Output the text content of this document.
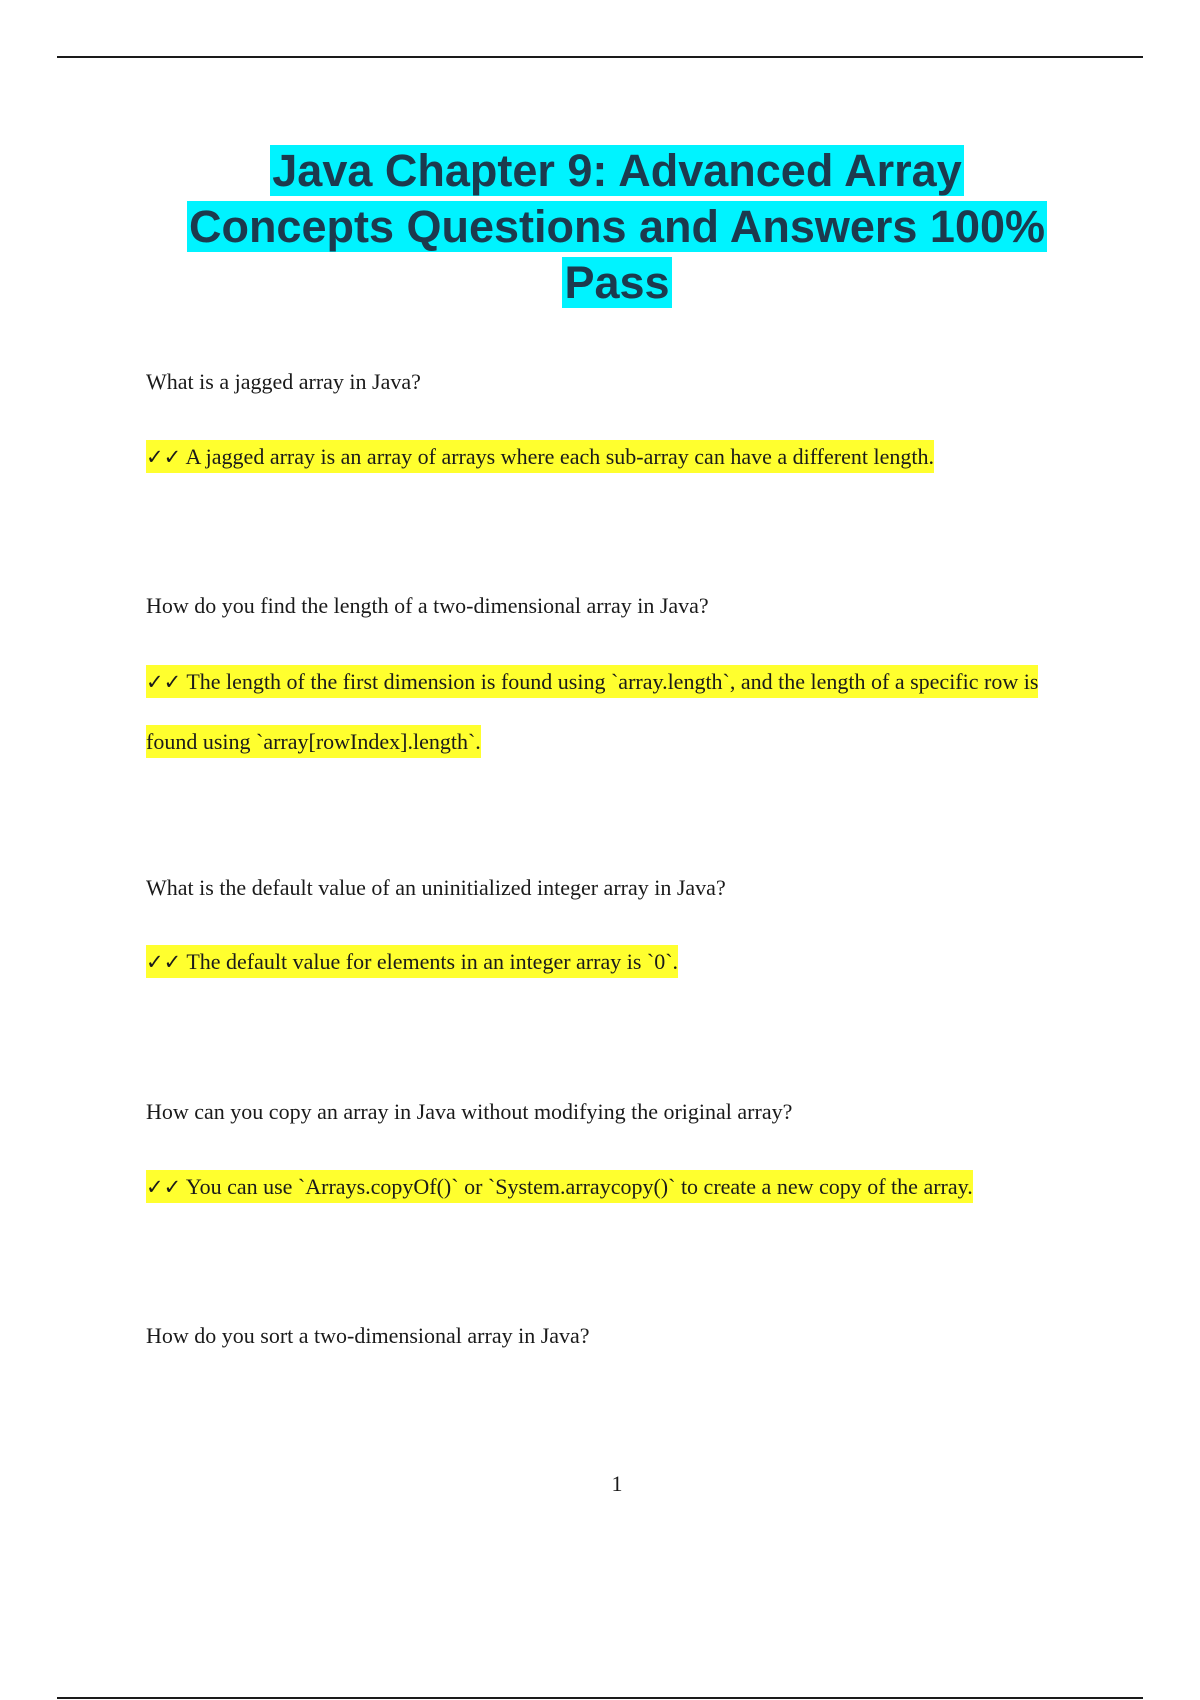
Java Chapter 9: Advanced Array
Concepts Questions and Answers 100%
Pass

What is a jagged array in Java?

✓✓ A jagged array is an array of arrays where each sub-array can have a different length.

How do you find the length of a two-dimensional array in Java?

✓✓ The length of the first dimension is found using `array.length`, and the length of a specific row is found using `array[rowIndex].length`.

What is the default value of an uninitialized integer array in Java?

✓✓ The default value for elements in an integer array is `0`.

How can you copy an array in Java without modifying the original array?

✓✓ You can use `Arrays.copyOf()` or `System.arraycopy()` to create a new copy of the array.

How do you sort a two-dimensional array in Java?

1
